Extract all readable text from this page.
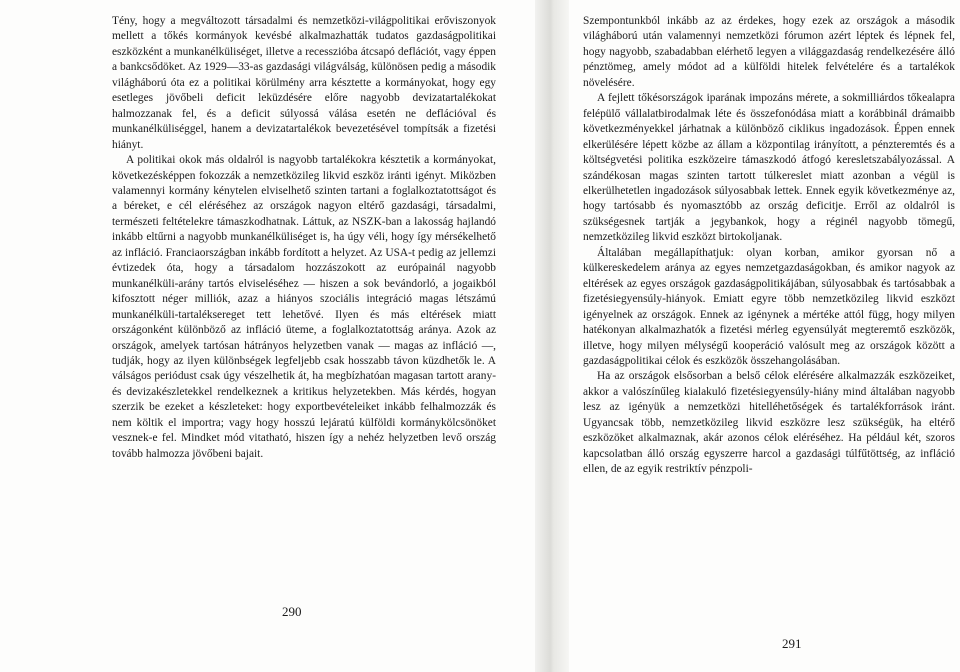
Tény, hogy a megváltozott társadalmi és nemzetközi-világpolitikai erőviszonyok mellett a tőkés kormányok kevésbé alkalmazhatták tudatos gazdaságpolitikai eszközként a munkanélküliséget, illetve a recesszióba átcsapó deflációt, vagy éppen a bankcsődöket. Az 1929—33-as gazdasági világválság, különösen pedig a második világháború óta ez a politikai körülmény arra késztette a kormányokat, hogy egy esetleges jövőbeli deficit leküzdésére előre nagyobb devizatartalékokat halmozzanak fel, és a deficit súlyossá válása esetén ne deflációval és munkanélküliséggel, hanem a devizatartalékok bevezetésével tompítsák a fizetési hiányt.

A politikai okok más oldalról is nagyobb tartalékokra késztetik a kormányokat, következésképpen fokozzák a nemzetközileg likvid eszköz iránti igényt. Miközben valamennyi kormány kénytelen elviselhető szinten tartani a foglalkoztatottságot és a béreket, e cél eléréséhez az országok nagyon eltérő gazdasági, társadalmi, természeti feltételekre támaszkodhatnak. Láttuk, az NSZK-ban a lakosság hajlandó inkább eltűrni a nagyobb munkanélküliséget is, ha úgy véli, hogy így mérsékelhető az infláció. Franciaországban inkább fordított a helyzet. Az USA-t pedig az jellemzi évtizedek óta, hogy a társadalom hozzászokott az európainál nagyobb munkanélküli-arány tartós elviseléséhez — hiszen a sok bevándorló, a jogaikból kifosztott néger milliók, azaz a hiányos szociális integráció magas létszámú munkanélküli-tartaléksereget tett lehetővé. Ilyen és más eltérések miatt országonként különböző az infláció üteme, a foglalkoztatottság aránya. Azok az országok, amelyek tartósan hátrányos helyzetben vanak — magas az infláció —, tudják, hogy az ilyen különbségek legfeljebb csak hosszabb távon küzdhetők le. A válságos periódust csak úgy vészelhetik át, ha megbízhatóan magasan tartott arany- és devizakészletekkel rendelkeznek a kritikus helyzetekben. Más kérdés, hogyan szerzik be ezeket a készleteket: hogy exportbevételeiket inkább felhalmozzák és nem költik el importra; vagy hogy hosszú lejáratú külföldi kormánykölcsönöket vesznek-e fel. Mindket mód vitatható, hiszen így a nehéz helyzetben levő ország tovább halmozza jövőbeni bajait.

290

Szempontunkból inkább az az érdekes, hogy ezek az országok a második világháború után valamennyi nemzetközi fórumon azért léptek és lépnek fel, hogy nagyobb, szabadabban elérhető legyen a világgazdaság rendelkezésére álló pénztömeg, amely módot ad a külföldi hitelek felvételére és a tartalékok növelésére.

A fejlett tőkésországok iparának impozáns mérete, a sokmilliárdos tőkealapra felépülő vállalatbirodalmak léte és összefonódása miatt a korábbinál drámaibb következményekkel járhatnak a különböző ciklikus ingadozások. Éppen ennek elkerülésére lépett közbe az állam a központilag irányított, a pénzteremtés és a költségvetési politika eszközeire támaszkodó átfogó keresletszabályozással. A szándékosan magas szinten tartott túlkereslet miatt azonban a végül is elkerülhetetlen ingadozások súlyosabbak lettek. Ennek egyik következménye az, hogy tartósabb és nyomasztóbb az ország deficitje. Erről az oldalról is szükségesnek tartják a jegybankok, hogy a réginél nagyobb tömegű, nemzetközileg likvid eszközt birtokoljanak.

Általában megállapíthatjuk: olyan korban, amikor gyorsan nő a külkereskedelem aránya az egyes nemzetgazdaságokban, és amikor nagyok az eltérések az egyes országok gazdaságpolitikájában, súlyosabbak és tartósabbak a fizetésiegyensúly-hiányok. Emiatt egyre több nemzetközileg likvid eszközt igényelnek az országok. Ennek az igénynek a mértéke attól függ, hogy milyen hatékonyan alkalmazhatók a fizetési mérleg egyensúlyát megteremtő eszközök, illetve, hogy milyen mélységű kooperáció valósult meg az országok között a gazdaságpolitikai célok és eszközök összehangolásában.

Ha az országok elsősorban a belső célok elérésére alkalmazzák eszközeiket, akkor a valószínűleg kialakuló fizetésiegyensúly-hiány mind általában nagyobb lesz az igényük a nemzetközi hitelléhetőségek és tartalékforrások iránt. Ugyancsak több, nemzetközileg likvid eszközre lesz szükségük, ha eltérő eszközöket alkalmaznak, akár azonos célok eléréséhez. Ha például két, szoros kapcsolatban álló ország egyszerre harcol a gazdasági túlfűtöttség, az infláció ellen, de az egyik restriktív pénzpoli-

291
